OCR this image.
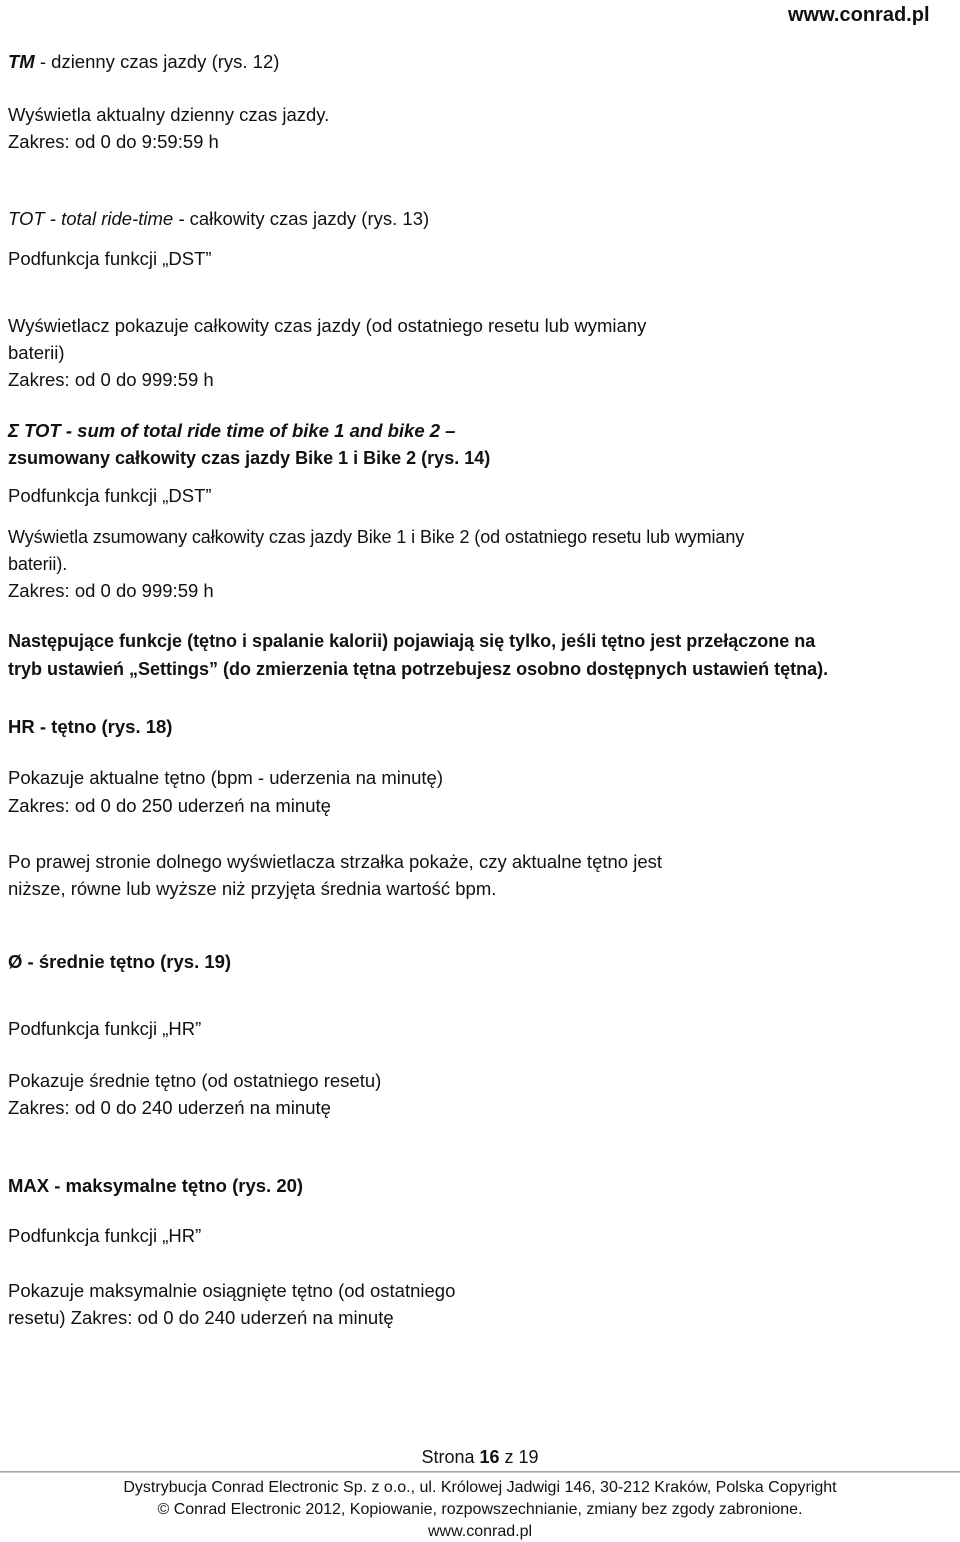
www.conrad.pl
TM - dzienny czas jazdy (rys. 12)
Wyświetla aktualny dzienny czas jazdy.
Zakres: od 0 do 9:59:59 h
TOT - total ride-time - całkowity czas jazdy (rys. 13)
Podfunkcja funkcji „DST”
Wyświetlacz pokazuje całkowity czas jazdy (od ostatniego resetu lub wymiany
baterii)
Zakres: od 0 do 999:59 h
Σ TOT - sum of total ride time of bike 1 and bike 2 –
zsumowany całkowity czas jazdy Bike 1 i Bike 2 (rys. 14)
Podfunkcja funkcji „DST”
Wyświetla zsumowany całkowity czas jazdy Bike 1 i Bike 2 (od ostatniego resetu lub wymiany
baterii).
Zakres: od 0 do 999:59 h
Następujące funkcje (tętno i spalanie kalorii) pojawiają się tylko, jeśli tętno jest przełączone na
tryb ustawień „Settings” (do zmierzenia tętna potrzebujesz osobno dostępnych ustawień tętna).
HR - tętno (rys. 18)
Pokazuje aktualne tętno (bpm - uderzenia na minutę)
Zakres: od 0 do 250 uderzeń na minutę
Po prawej stronie dolnego wyświetlacza strzałka pokaże, czy aktualne tętno jest
niższe, równe lub wyższe niż przyjęta średnia wartość bpm.
Ø - średnie tętno (rys. 19)
Podfunkcja funkcji „HR”
Pokazuje średnie tętno (od ostatniego resetu)
Zakres: od 0 do 240 uderzeń na minutę
MAX - maksymalne tętno (rys. 20)
Podfunkcja funkcji „HR”
Pokazuje maksymalnie osiągnięte tętno (od ostatniego
resetu) Zakres: od 0 do 240 uderzeń na minutę
Strona 16 z 19
Dystrybucja Conrad Electronic Sp. z o.o., ul. Królowej Jadwigi 146, 30-212 Kraków, Polska Copyright
© Conrad Electronic 2012, Kopiowanie, rozpowszechnianie, zmiany bez zgody zabronione.
www.conrad.pl
